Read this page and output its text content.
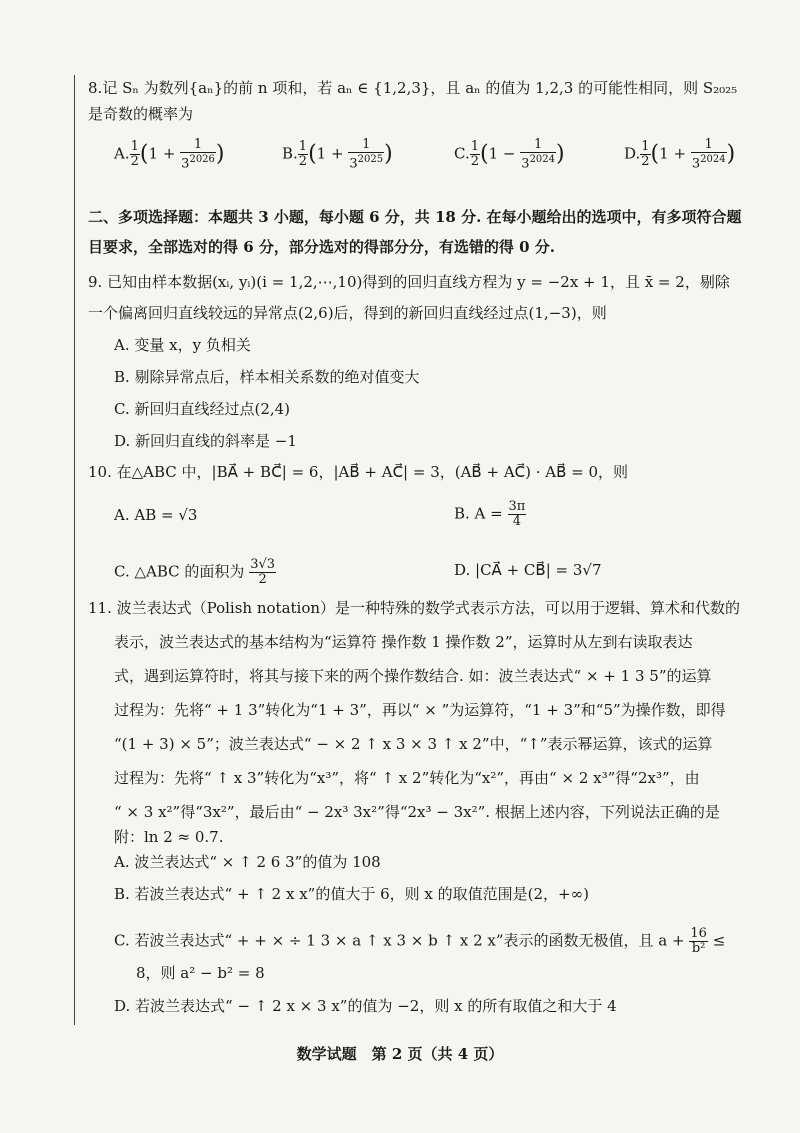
8.记 Sₙ 为数列{aₙ}的前 n 项和，若 aₙ ∈ {1,2,3}，且 aₙ 的值为 1,2,3 的可能性相同，则 S₂₀₂₅
是奇数的概率为
A. $\frac{1}{2} (1 + \frac{1}{3^{2026}}$ )	B. $\frac{1}{2} (1 + \frac{1}{3^{2025}}$ )	C. $\frac{1}{2} (1 - \frac{1}{3^{2024}}$ )	D. $\frac{1}{2} (1 + \frac{1}{3^{2024}}$ )
二、多项选择题：本题共 3 小题，每小题 6 分，共 18 分. 在每小题给出的选项中，有多项符合题
目要求，全部选对的得 6 分，部分选对的得部分分，有选错的得 0 分.
9. 已知由样本数据(xᵢ, yᵢ)(i = 1,2,⋯,10)得到的回归直线方程为 y = −2x + 1，且 x̄ = 2，剔除
一个偏离回归直线较远的异常点(2,6)后，得到的新回归直线经过点(1,−3)，则
A. 变量 x，y 负相关
B. 剔除异常点后，样本相关系数的绝对值变大
C. 新回归直线经过点(2,4)
D. 新回归直线的斜率是 −1
10. 在△ABC 中，|BA⃗ + BC⃗| = 6，|AB⃗ + AC⃗| = 3，(AB⃗ + AC⃗) · AB⃗ = 0，则
A. AB = √3	B. $A = \frac{3\pi}{4}$
C. △ABC 的面积为 $\frac{3√3}{2}$	D. |CA⃗ + CB⃗| = 3√7
11. 波兰表达式（Polish notation）是一种特殊的数学式表示方法，可以用于逻辑、算术和代数的
表示，波兰表达式的基本结构为“运算符 操作数 1 操作数 2”，运算时从左到右读取表达
式，遇到运算符时，将其与接下来的两个操作数结合. 如：波兰表达式“ × + 1 3 5”的运算
过程为：先将“ + 1 3”转化为“1 + 3”，再以“ × ”为运算符，“1 + 3”和“5”为操作数，即得
“(1 + 3) × 5”；波兰表达式“ − × 2 ↑ x 3 × 3 ↑ x 2”中，“↑”表示幂运算，该式的运算
过程为：先将“ ↑ x 3”转化为“x³”，将“ ↑ x 2”转化为“x²”，再由“ × 2 x³”得“2x³”，由
“ × 3 x²”得“3x²”，最后由“ − 2x³ 3x²”得“2x³ − 3x²”. 根据上述内容，下列说法正确的是
附：ln 2 ≈ 0.7.
A. 波兰表达式“ × ↑ 2 6 3”的值为 108
B. 若波兰表达式“ + ↑ 2 x x”的值大于 6，则 x 的取值范围是(2，+∞)
C. 若波兰表达式“ + + × ÷ 1 3 × a ↑ x 3 × b ↑ x 2 x”表示的函数无极值，且 $a + \frac{16}{\text{b²}}$ ≤
8，则 a² − b² = 8
D. 若波兰表达式“ − ↑ 2 x × 3 x”的值为 −2，则 x 的所有取值之和大于 4
数学试题　第 2 页（共 4 页）
